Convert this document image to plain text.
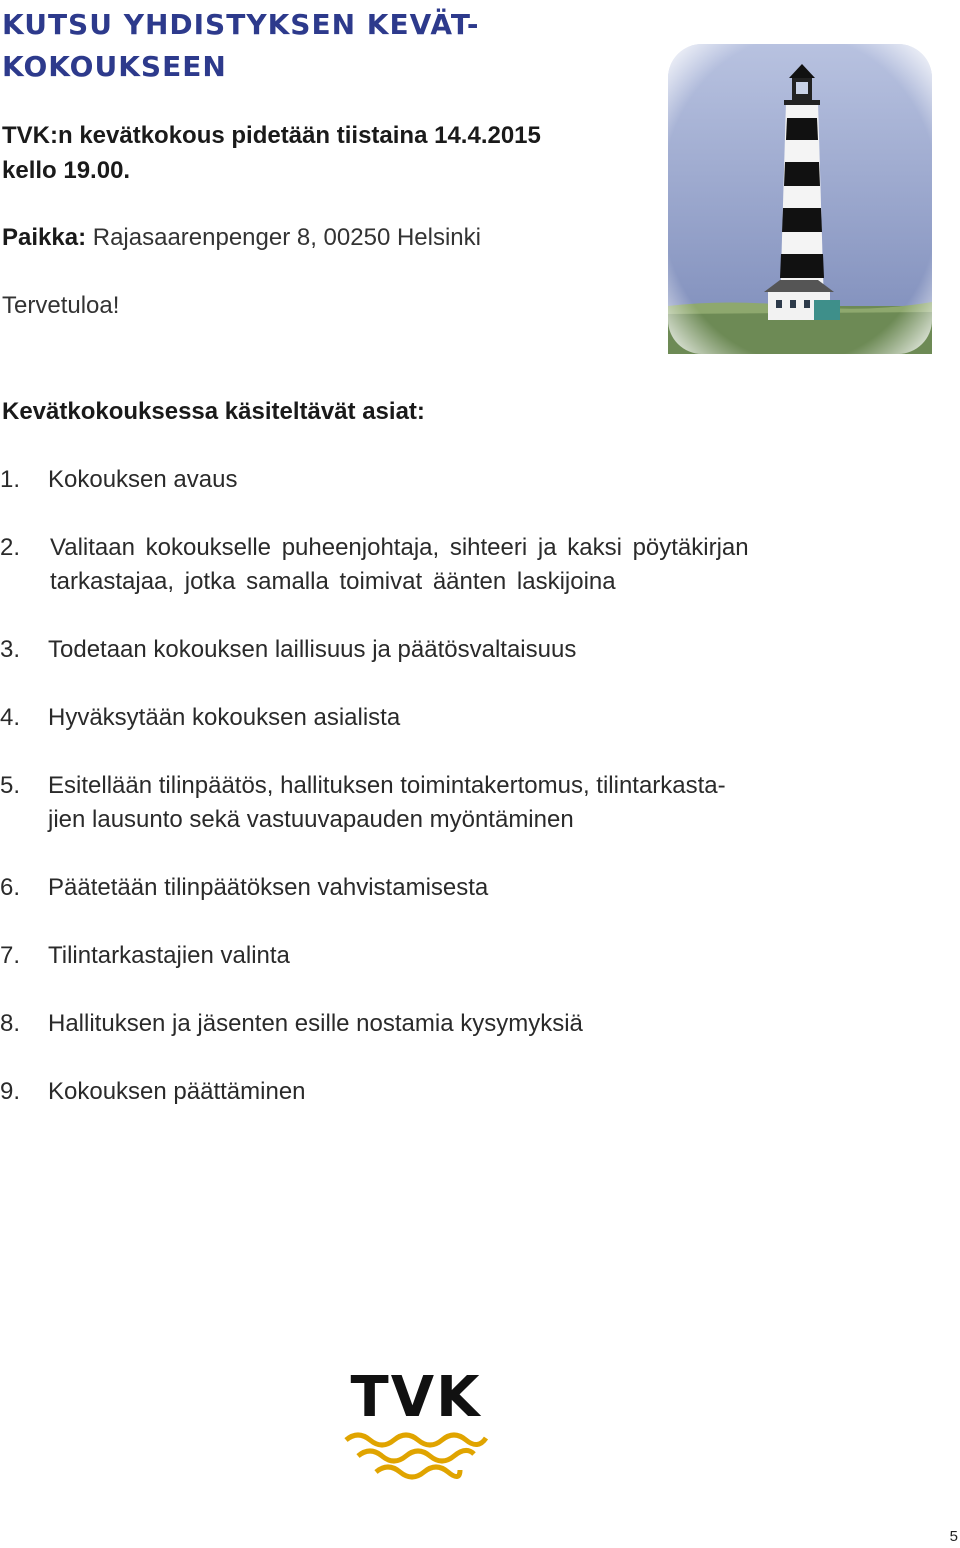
KUTSU YHDISTYKSEN KEVÄT-
KOKOUKSEEN
TVK:n kevätkokous pidetään tiistaina 14.4.2015
kello 19.00.
Paikka: Rajasaarenpenger 8, 00250 Helsinki
Tervetuloa!
Kevätkokouksessa käsiteltävät asiat:
1. Kokouksen avaus
2. Valitaan kokoukselle puheenjohtaja, sihteeri ja kaksi pöytäkirjan tarkastajaa, jotka samalla toimivat äänten laskijoina
3. Todetaan kokouksen laillisuus ja päätösvaltaisuus
4. Hyväksytään kokouksen asialista
5. Esitellään tilinpäätös, hallituksen toimintakertomus, tilintarkasta-jien lausunto sekä vastuuvapauden myöntäminen
6. Päätetään tilinpäätöksen vahvistamisesta
7. Tilintarkastajien valinta
8. Hallituksen ja jäsenten esille nostamia kysymyksiä
9. Kokouksen päättäminen
TVK
5
